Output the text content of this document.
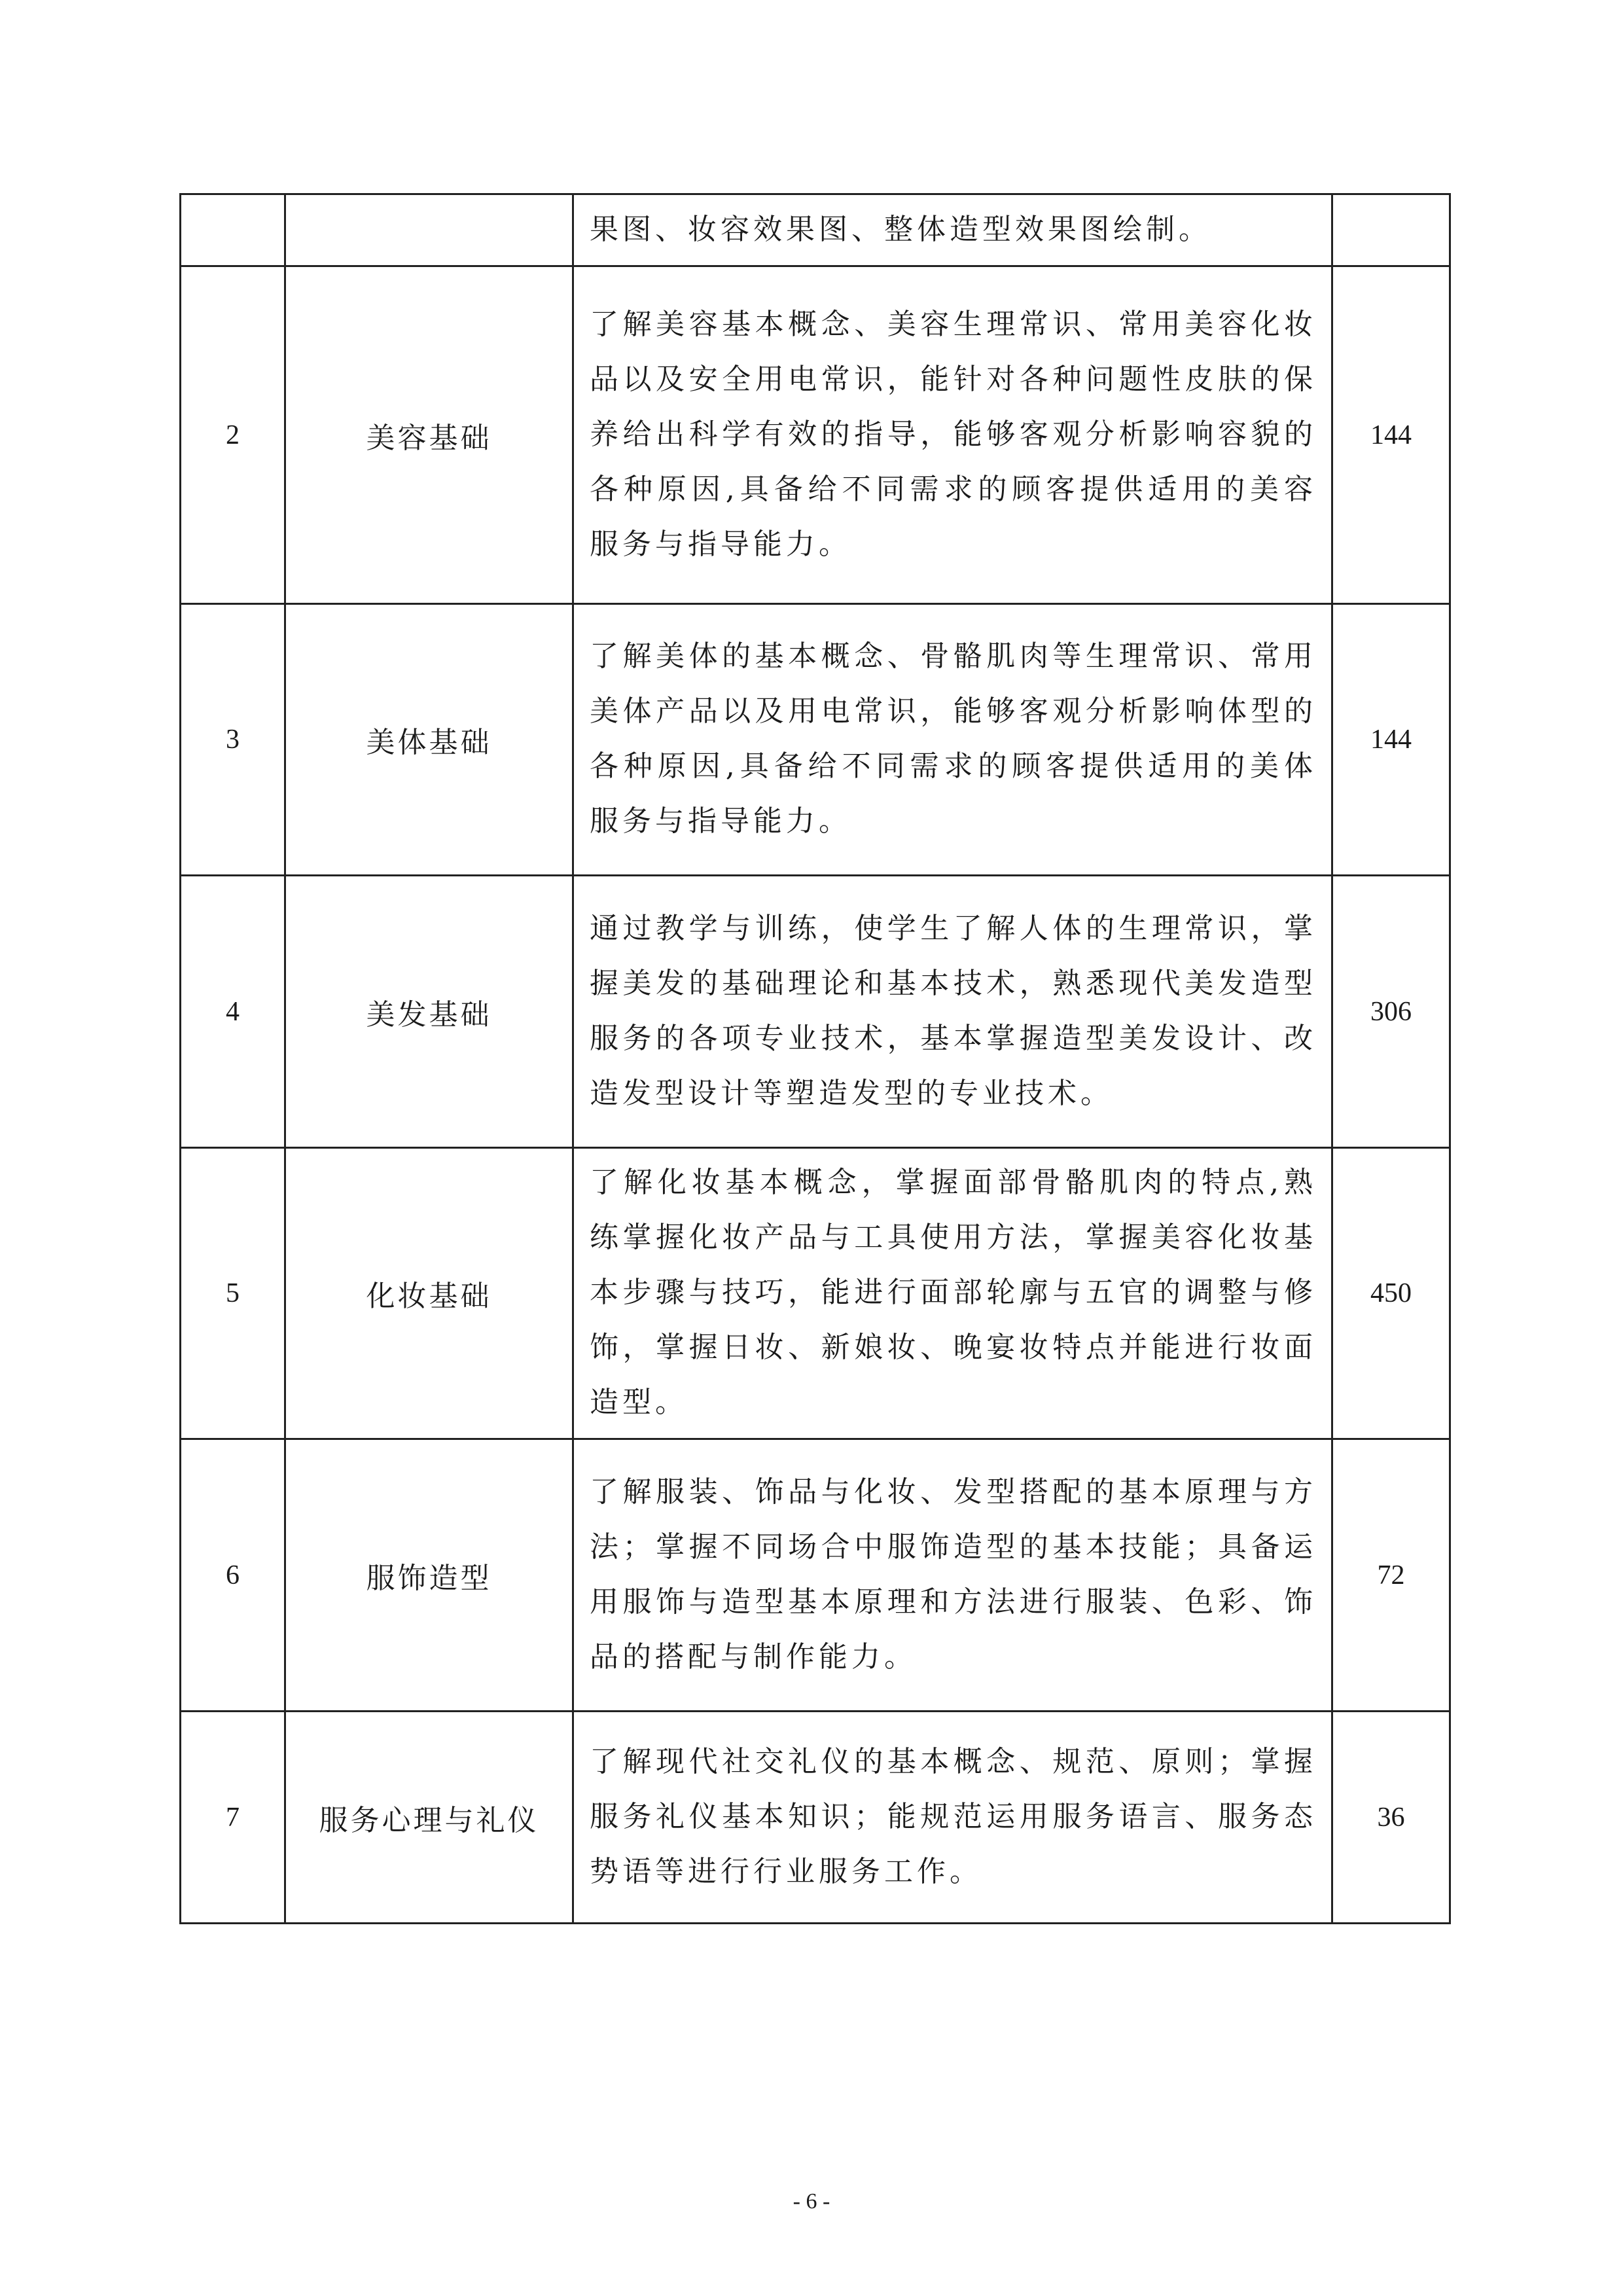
		果图、妆容效果图、整体造型效果图绘制。	
2	美容基础	了解美容基本概念、美容生理常识、常用美容化妆品以及安全用电常识，能针对各种问题性皮肤的保养给出科学有效的指导，能够客观分析影响容貌的各种原因,具备给不同需求的顾客提供适用的美容服务与指导能力。	144
3	美体基础	了解美体的基本概念、骨骼肌肉等生理常识、常用美体产品以及用电常识，能够客观分析影响体型的各种原因,具备给不同需求的顾客提供适用的美体服务与指导能力。	144
4	美发基础	通过教学与训练，使学生了解人体的生理常识，掌握美发的基础理论和基本技术，熟悉现代美发造型服务的各项专业技术，基本掌握造型美发设计、改造发型设计等塑造发型的专业技术。	306
5	化妆基础	了解化妆基本概念，掌握面部骨骼肌肉的特点,熟练掌握化妆产品与工具使用方法，掌握美容化妆基本步骤与技巧，能进行面部轮廓与五官的调整与修饰，掌握日妆、新娘妆、晚宴妆特点并能进行妆面造型。	450
6	服饰造型	了解服装、饰品与化妆、发型搭配的基本原理与方法；掌握不同场合中服饰造型的基本技能；具备运用服饰与造型基本原理和方法进行服装、色彩、饰品的搭配与制作能力。	72
7	服务心理与礼仪	了解现代社交礼仪的基本概念、规范、原则；掌握服务礼仪基本知识；能规范运用服务语言、服务态势语等进行行业服务工作。	36
- 6 -
